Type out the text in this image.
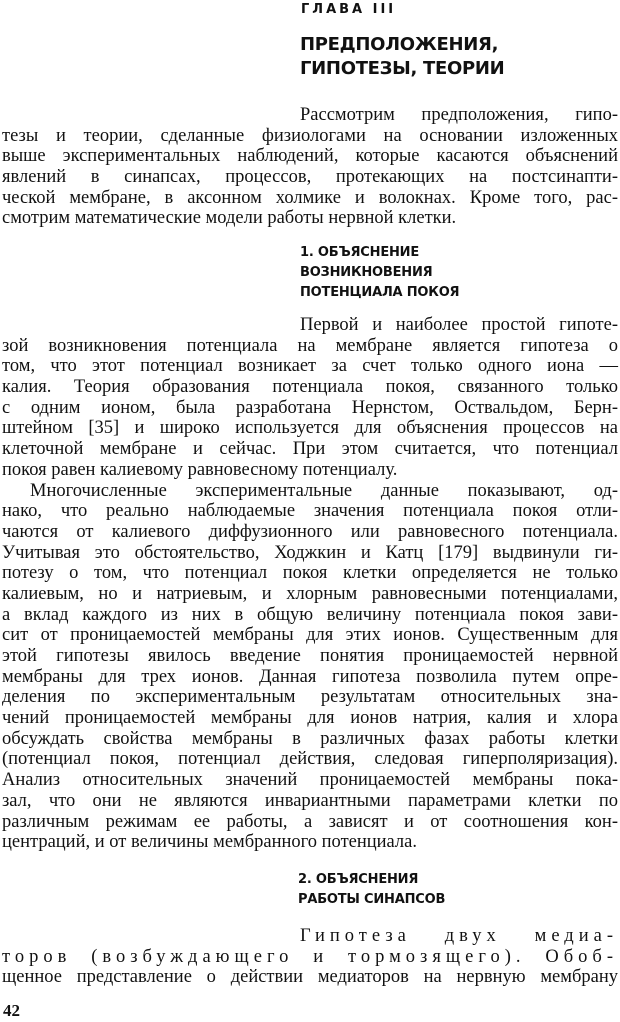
ГЛАВА III
ПРЕДПОЛОЖЕНИЯ,
ГИПОТЕЗЫ, ТЕОРИИ
Рассмотрим предположения, гипо-
тезы и теории, сделанные физиологами на основании изложенных
выше экспериментальных наблюдений, которые касаются объяснений
явлений в синапсах, процессов, протекающих на постсинапти-
ческой мембране, в аксонном холмике и волокнах. Кроме того, рас-
смотрим математические модели работы нервной клетки.
1. ОБЪЯСНЕНИЕ
ВОЗНИКНОВЕНИЯ
ПОТЕНЦИАЛА ПОКОЯ
Первой и наиболее простой гипоте-
зой возникновения потенциала на мембране является гипотеза о
том, что этот потенциал возникает за счет только одного иона —
калия. Теория образования потенциала покоя, связанного только
с одним ионом, была разработана Нернстом, Оствальдом, Берн-
штейном [35] и широко используется для объяснения процессов на
клеточной мембране и сейчас. При этом считается, что потенциал
покоя равен калиевому равновесному потенциалу.
Многочисленные экспериментальные данные показывают, од-
нако, что реально наблюдаемые значения потенциала покоя отли-
чаются от калиевого диффузионного или равновесного потенциала.
Учитывая это обстоятельство, Ходжкин и Катц [179] выдвинули ги-
потезу о том, что потенциал покоя клетки определяется не только
калиевым, но и натриевым, и хлорным равновесными потенциалами,
а вклад каждого из них в общую величину потенциала покоя зави-
сит от проницаемостей мембраны для этих ионов. Существенным для
этой гипотезы явилось введение понятия проницаемостей нервной
мембраны для трех ионов. Данная гипотеза позволила путем опре-
деления по экспериментальным результатам относительных зна-
чений проницаемостей мембраны для ионов натрия, калия и хлора
обсуждать свойства мембраны в различных фазах работы клетки
(потенциал покоя, потенциал действия, следовая гиперполяризация).
Анализ относительных значений проницаемостей мембраны пока-
зал, что они не являются инвариантными параметрами клетки по
различным режимам ее работы, а зависят и от соотношения кон-
центраций, и от величины мембранного потенциала.
2. ОБЪЯСНЕНИЯ
РАБОТЫ СИНАПСОВ
Гипотеза двух медиа-
торов (возбуждающего и тормозящего). Обоб-
щенное представление о действии медиаторов на нервную мембрану
42
